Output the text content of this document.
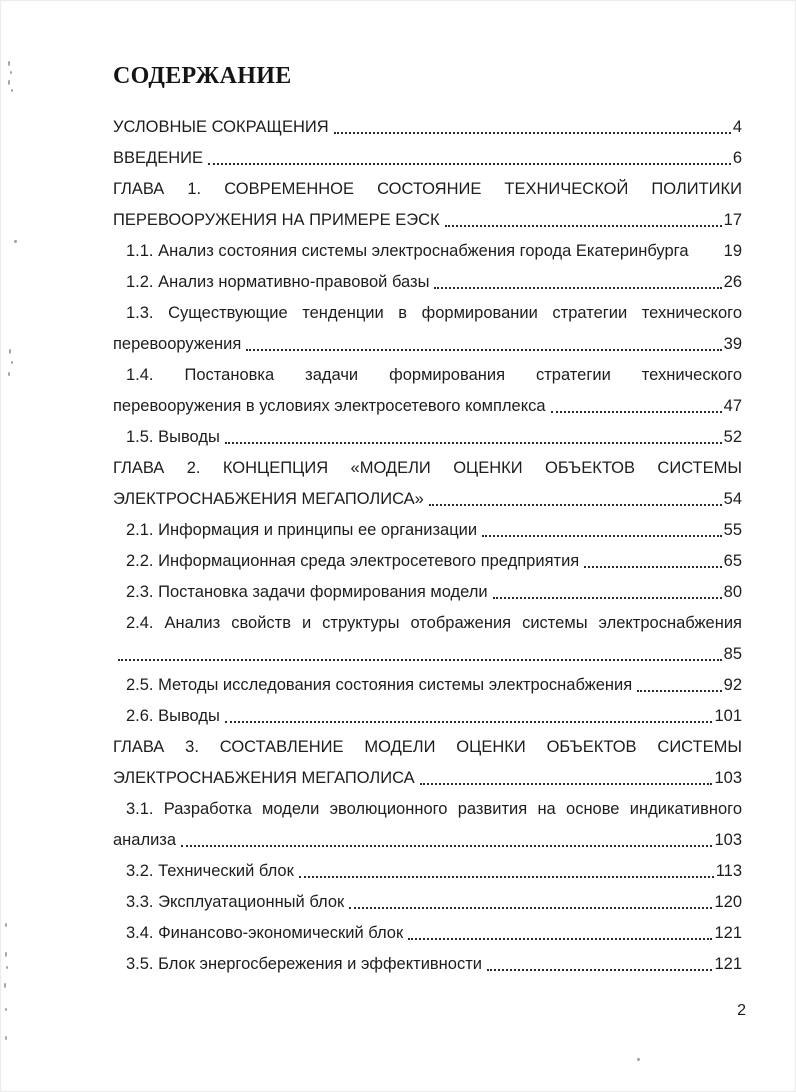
СОДЕРЖАНИЕ
УСЛОВНЫЕ СОКРАЩЕНИЯ	4
ВВЕДЕНИЕ	6
ГЛАВА 1. СОВРЕМЕННОЕ СОСТОЯНИЕ ТЕХНИЧЕСКОЙ ПОЛИТИКИ
ПЕРЕВООРУЖЕНИЯ НА ПРИМЕРЕ ЕЭСК	17
1.1. Анализ состояния системы электроснабжения города Екатеринбурга 19
1.2. Анализ нормативно-правовой базы	26
1.3. Существующие тенденции в формировании стратегии технического
перевооружения	39
1.4. Постановка задачи формирования стратегии технического
перевооружения в условиях электросетевого комплекса	47
1.5. Выводы	52
ГЛАВА 2. КОНЦЕПЦИЯ «МОДЕЛИ ОЦЕНКИ ОБЪЕКТОВ СИСТЕМЫ
ЭЛЕКТРОСНАБЖЕНИЯ МЕГАПОЛИСА»	54
2.1. Информация и принципы ее организации	55
2.2. Информационная среда электросетевого предприятия	65
2.3. Постановка задачи формирования модели	80
2.4. Анализ свойств и структуры отображения системы электроснабжения
85
2.5. Методы исследования состояния системы электроснабжения	92
2.6. Выводы	101
ГЛАВА 3. СОСТАВЛЕНИЕ МОДЕЛИ ОЦЕНКИ ОБЪЕКТОВ СИСТЕМЫ
ЭЛЕКТРОСНАБЖЕНИЯ МЕГАПОЛИСА	103
3.1. Разработка модели эволюционного развития на основе индикативного
анализа	103
3.2. Технический блок	113
3.3. Эксплуатационный блок	120
3.4. Финансово-экономический блок	121
3.5. Блок энергосбережения и эффективности	121
2
